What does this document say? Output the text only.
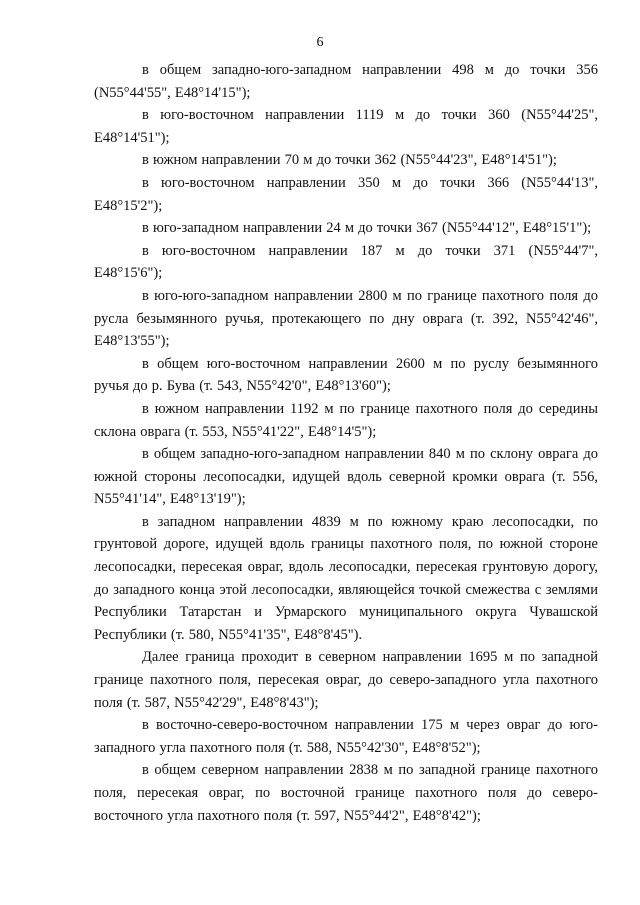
6

в общем западно-юго-западном направлении 498 м до точки 356 (N55°44'55", E48°14'15");

в юго-восточном направлении 1119 м до точки 360 (N55°44'25", E48°14'51");

в южном направлении 70 м до точки 362 (N55°44'23", E48°14'51");

в юго-восточном направлении 350 м до точки 366 (N55°44'13", E48°15'2");

в юго-западном направлении 24 м до точки 367 (N55°44'12", E48°15'1");

в юго-восточном направлении 187 м до точки 371 (N55°44'7", E48°15'6");

в юго-юго-западном направлении 2800 м по границе пахотного поля до русла безымянного ручья, протекающего по дну оврага (т. 392, N55°42'46", E48°13'55");

в общем юго-восточном направлении 2600 м по руслу безымянного ручья до р. Бува (т. 543, N55°42'0", E48°13'60");

в южном направлении 1192 м по границе пахотного поля до середины склона оврага (т. 553, N55°41'22", E48°14'5");

в общем западно-юго-западном направлении 840 м по склону оврага до южной стороны лесопосадки, идущей вдоль северной кромки оврага (т. 556, N55°41'14", E48°13'19");

в западном направлении 4839 м по южному краю лесопосадки, по грунтовой дороге, идущей вдоль границы пахотного поля, по южной стороне лесопосадки, пересекая овраг, вдоль лесопосадки, пересекая грунтовую дорогу, до западного конца этой лесопосадки, являющейся точкой смежества с землями Республики Татарстан и Урмарского муниципального округа Чувашской Республики (т. 580, N55°41'35", E48°8'45").

Далее граница проходит в северном направлении 1695 м по западной границе пахотного поля, пересекая овраг, до северо-западного угла пахотного поля (т. 587, N55°42'29", E48°8'43");

в восточно-северо-восточном направлении 175 м через овраг до юго-западного угла пахотного поля (т. 588, N55°42'30", E48°8'52");

в общем северном направлении 2838 м по западной границе пахотного поля, пересекая овраг, по восточной границе пахотного поля до северо-восточного угла пахотного поля (т. 597, N55°44'2", E48°8'42");
